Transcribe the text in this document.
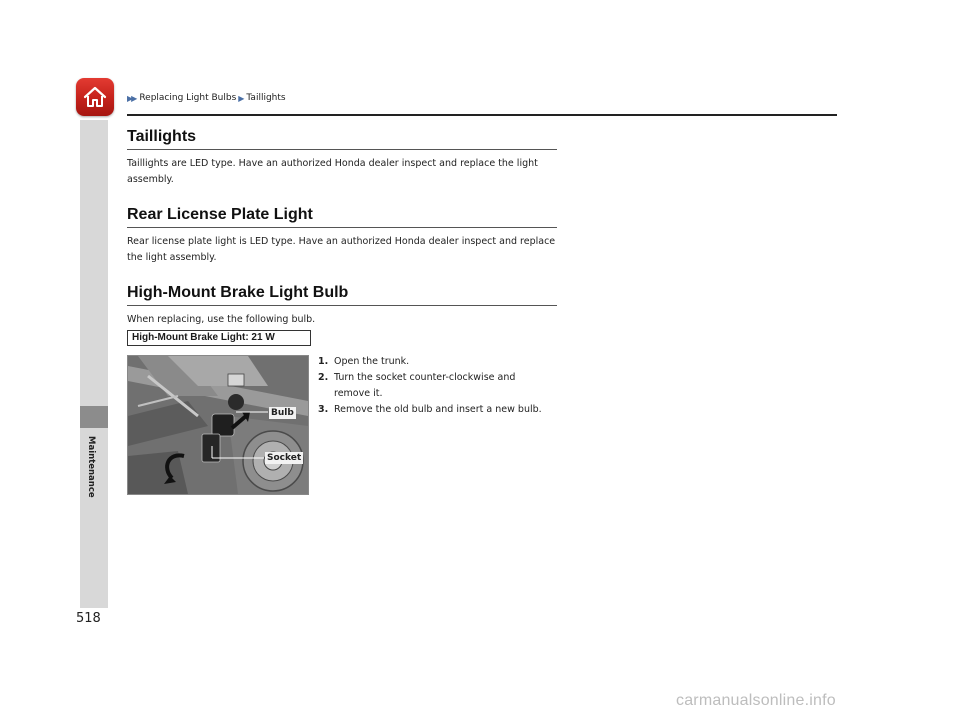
▶▶ Replacing Light Bulbs ▶ Taillights
Maintenance
Taillights

Taillights are LED type. Have an authorized Honda dealer inspect and replace the light assembly.

Rear License Plate Light

Rear license plate light is LED type. Have an authorized Honda dealer inspect and replace the light assembly.

High-Mount Brake Light Bulb

When replacing, use the following bulb.

High-Mount Brake Light: 21 W
Bulb
Socket
1. Open the trunk.
2. Turn the socket counter-clockwise and remove it.
3. Remove the old bulb and insert a new bulb.
518
carmanualsonline.info
